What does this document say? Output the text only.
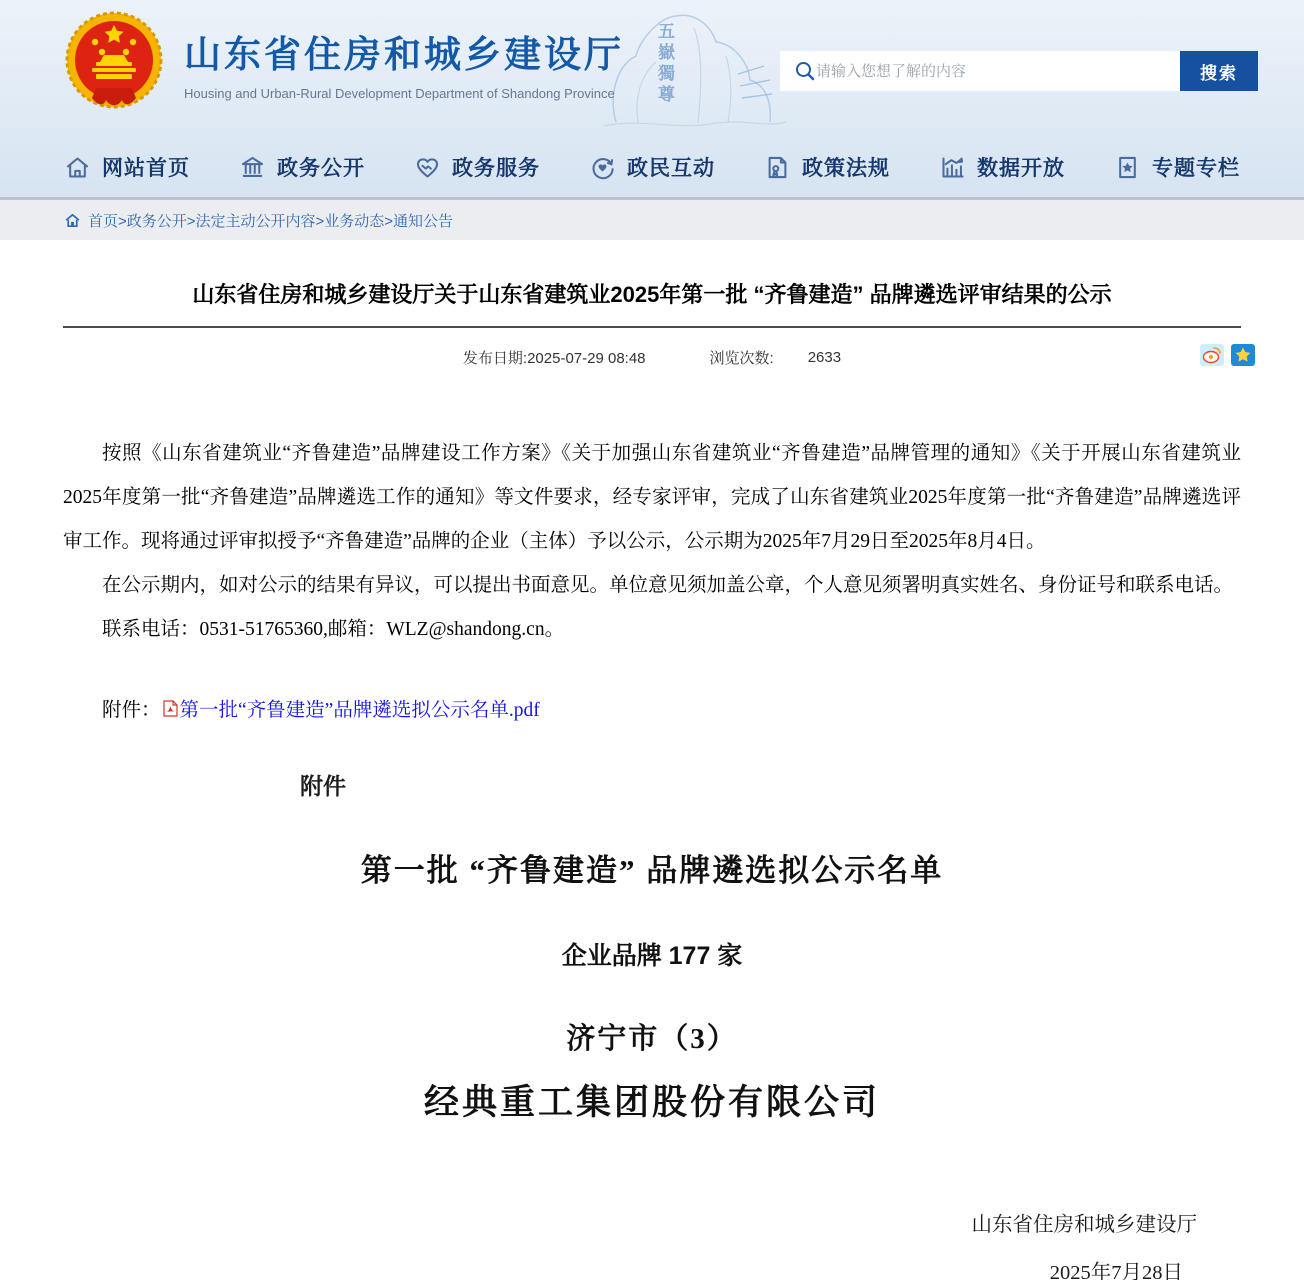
五嶽獨尊
山东省住房和城乡建设厅
Housing and Urban-Rural Development Department of Shandong Province
请输入您想了解的内容
搜索
网站首页	政务公开	政务服务	政民互动	政策法规	数据开放	专题专栏
首页>政务公开>法定主动公开内容>业务动态>通知公告
山东省住房和城乡建设厅关于山东省建筑业2025年第一批 “齐鲁建造” 品牌遴选评审结果的公示
发布日期:2025-07-29 08:48	浏览次数: 2633

按照《山东省建筑业“齐鲁建造”品牌建设工作方案》《关于加强山东省建筑业“齐鲁建造”品牌管理的通知》《关于开展山东省建筑业2025年度第一批“齐鲁建造”品牌遴选工作的通知》等文件要求，经专家评审，完成了山东省建筑业2025年度第一批“齐鲁建造”品牌遴选评审工作。现将通过评审拟授予“齐鲁建造”品牌的企业（主体）予以公示，公示期为2025年7月29日至2025年8月4日。

在公示期内，如对公示的结果有异议，可以提出书面意见。单位意见须加盖公章，个人意见须署明真实姓名、身份证号和联系电话。

联系电话：0531-51765360,邮箱：WLZ@shandong.cn。

附件： 第一批“齐鲁建造”品牌遴选拟公示名单.pdf
附件
第一批 “齐鲁建造” 品牌遴选拟公示名单
企业品牌 177 家
济宁市（3）
经典重工集团股份有限公司
山东省住房和城乡建设厅
2025年7月28日
